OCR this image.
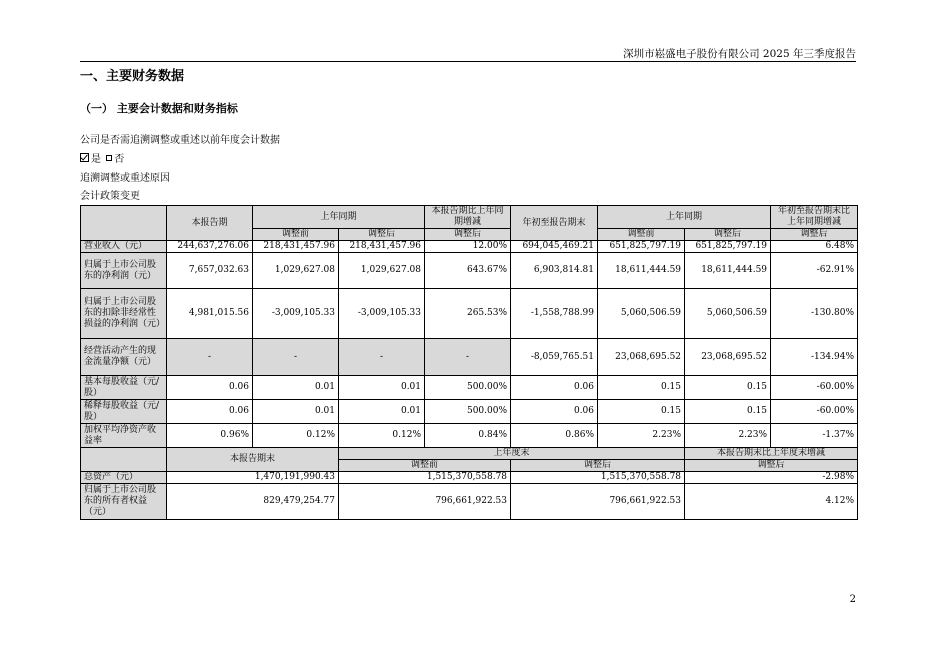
深圳市崧盛电子股份有限公司 2025 年三季度报告
一、主要财务数据
（一） 主要会计数据和财务指标
公司是否需追溯调整或重述以前年度会计数据
是 否
追溯调整或重述原因
会计政策变更
	本报告期	上年同期		本报告期比上年同期增减	年初至报告期末	上年同期		年初至报告期末比上年同期增减
		调整前	调整后	调整后		调整前	调整后	调整后
营业收入（元）	244,637,276.06	218,431,457.96	218,431,457.96	12.00%	694,045,469.21	651,825,797.19	651,825,797.19	6.48%
归属于上市公司股东的净利润（元）	7,657,032.63	1,029,627.08	1,029,627.08	643.67%	6,903,814.81	18,611,444.59	18,611,444.59	-62.91%
归属于上市公司股东的扣除非经常性损益的净利润（元）	4,981,015.56	-3,009,105.33	-3,009,105.33	265.53%	-1,558,788.99	5,060,506.59	5,060,506.59	-130.80%
经营活动产生的现金流量净额（元）	-	-	-	-	-8,059,765.51	23,068,695.52	23,068,695.52	-134.94%
基本每股收益（元/股）	0.06	0.01	0.01	500.00%	0.06	0.15	0.15	-60.00%
稀释每股收益（元/股）	0.06	0.01	0.01	500.00%	0.06	0.15	0.15	-60.00%
加权平均净资产收益率	0.96%	0.12%	0.12%	0.84%	0.86%	2.23%	2.23%	-1.37%
	本报告期末		上年度末				本报告期末比上年度末增减	
			调整前		调整后		调整后	
总资产（元）	1,470,191,990.43		1,515,370,558.78		1,515,370,558.78		-2.98%	
归属于上市公司股东的所有者权益（元）	829,479,254.77		796,661,922.53		796,661,922.53		4.12%	
2
